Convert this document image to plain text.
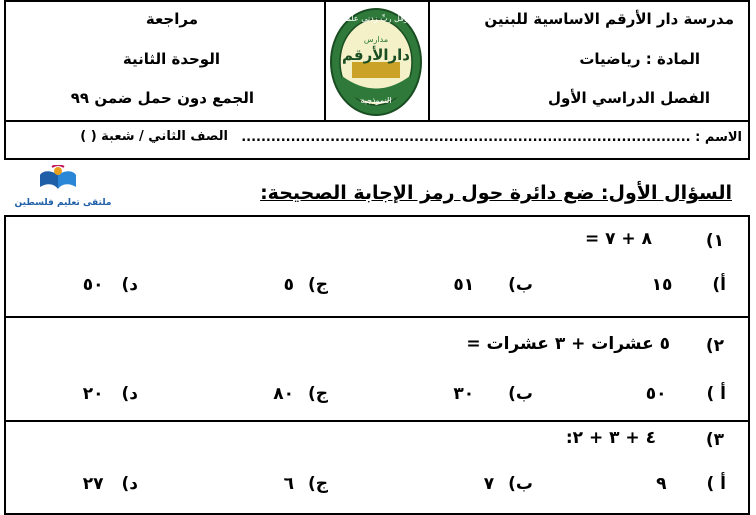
مدرسة دار الأرقم الاساسية للبنين
المادة : رياضيات
الفصل الدراسي الأول
مراجعة
الوحدة الثانية
الجمع دون حمل ضمن ٩٩
الاسم : ...........................................................................................
الصف الثاني / شعبة ( )
وقل ربِّ زدني علماً
مدارس
دارالأرقم
النموذجية
ملتقى تعليم فلسطين	السؤال الأول: ضع دائرة حول رمز الإجابة الصحيحة:
١)
٨ + ٧ =
أ)١٥
ب)٥١
ج)٥
د)٥٠
٢)
٥ عشرات + ٣ عشرات =
أ )٥٠
ب)٣٠
ج)٨٠
د)٢٠
٣)
٤ + ٣ + ٢:
أ )٩
ب)٧
ج)٦
د)٢٧
